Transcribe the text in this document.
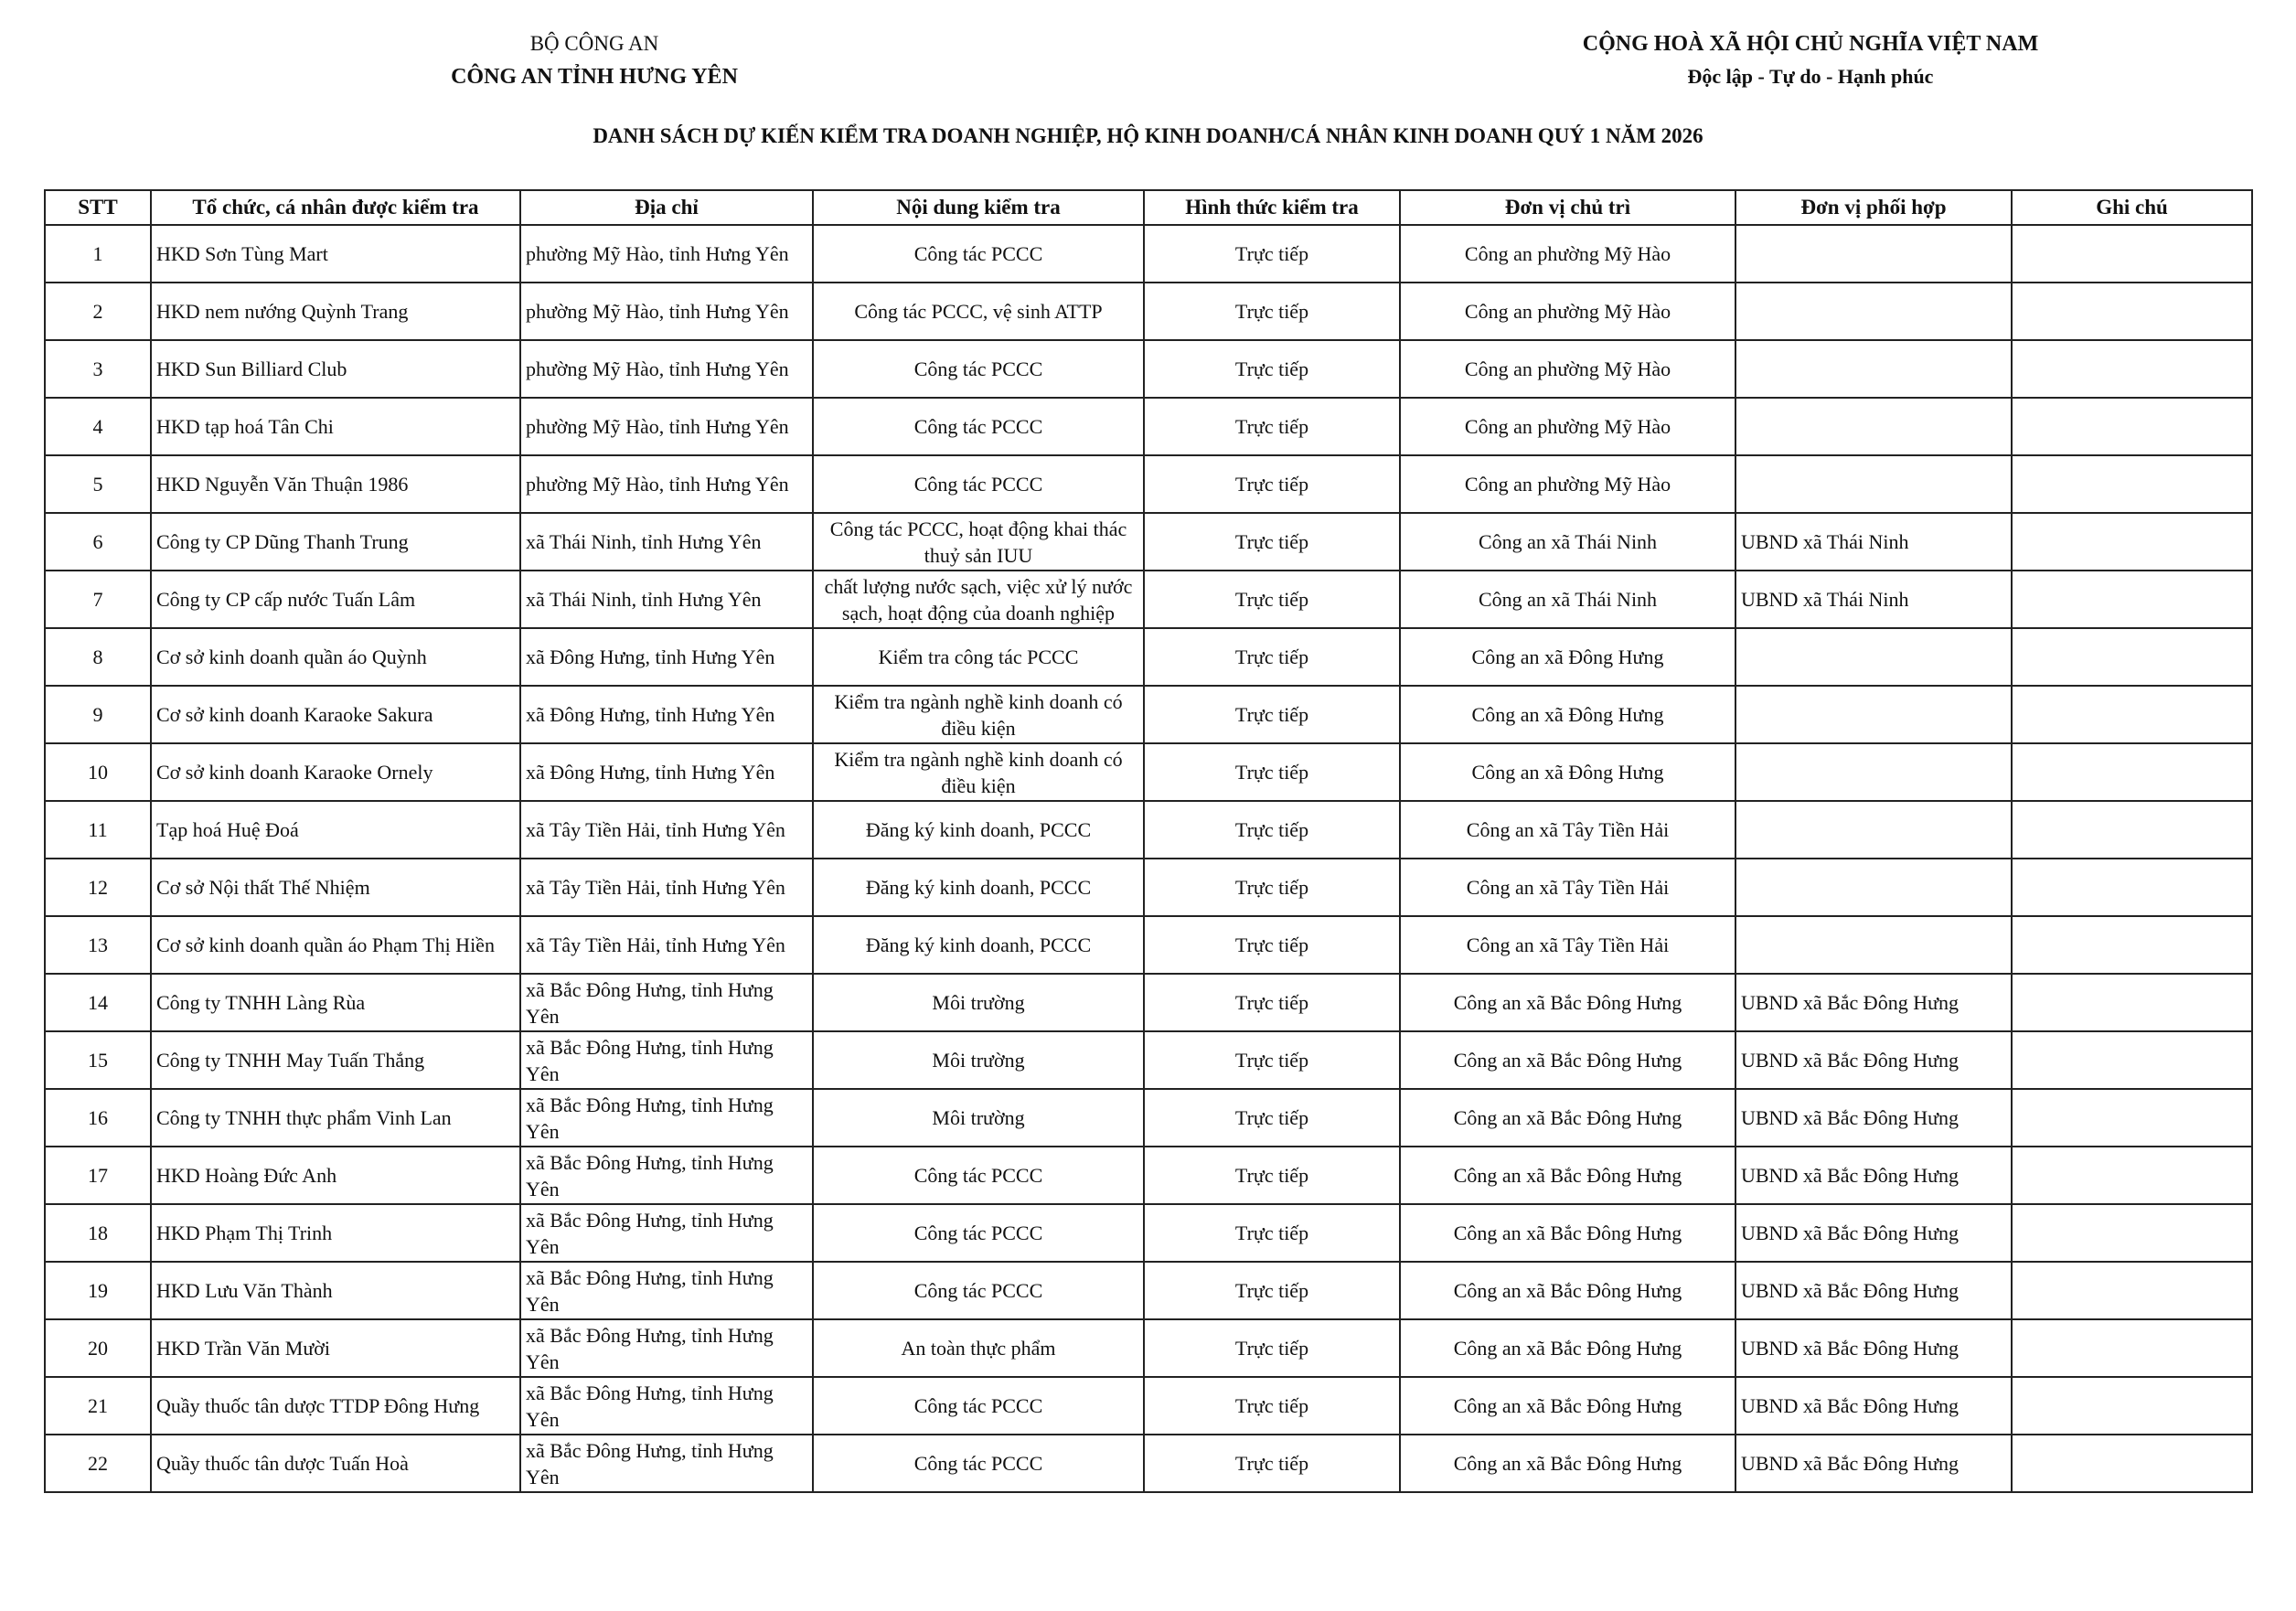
BỘ CÔNG AN
CÔNG AN TỈNH HƯNG YÊN
CỘNG HOÀ XÃ HỘI CHỦ NGHĨA VIỆT NAM
Độc lập - Tự do - Hạnh phúc
DANH SÁCH DỰ KIẾN KIỂM TRA DOANH NGHIỆP, HỘ KINH DOANH/CÁ NHÂN KINH DOANH QUÝ 1 NĂM 2026
STT	Tổ chức, cá nhân được kiểm tra	Địa chỉ	Nội dung kiểm tra	Hình thức kiểm tra	Đơn vị chủ trì	Đơn vị phối hợp	Ghi chú
1	HKD Sơn Tùng Mart	phường Mỹ Hào, tỉnh Hưng Yên	Công tác PCCC	Trực tiếp	Công an phường Mỹ Hào		
2	HKD nem nướng Quỳnh Trang	phường Mỹ Hào, tỉnh Hưng Yên	Công tác PCCC, vệ sinh ATTP	Trực tiếp	Công an phường Mỹ Hào		
3	HKD Sun Billiard Club	phường Mỹ Hào, tỉnh Hưng Yên	Công tác PCCC	Trực tiếp	Công an phường Mỹ Hào		
4	HKD tạp hoá Tân Chi	phường Mỹ Hào, tỉnh Hưng Yên	Công tác PCCC	Trực tiếp	Công an phường Mỹ Hào		
5	HKD Nguyễn Văn Thuận 1986	phường Mỹ Hào, tỉnh Hưng Yên	Công tác PCCC	Trực tiếp	Công an phường Mỹ Hào		
6	Công ty CP Dũng Thanh Trung	xã Thái Ninh, tỉnh Hưng Yên	Công tác PCCC, hoạt động khai thác thuỷ sản IUU	Trực tiếp	Công an xã Thái Ninh	UBND xã Thái Ninh	
7	Công ty CP cấp nước Tuấn Lâm	xã Thái Ninh, tỉnh Hưng Yên	chất lượng nước sạch, việc xử lý nước sạch, hoạt động của doanh nghiệp	Trực tiếp	Công an xã Thái Ninh	UBND xã Thái Ninh	
8	Cơ sở kinh doanh quần áo Quỳnh	xã Đông Hưng, tỉnh Hưng Yên	Kiểm tra công tác PCCC	Trực tiếp	Công an xã Đông Hưng		
9	Cơ sở kinh doanh Karaoke Sakura	xã Đông Hưng, tỉnh Hưng Yên	Kiểm tra ngành nghề kinh doanh có điều kiện	Trực tiếp	Công an xã Đông Hưng		
10	Cơ sở kinh doanh Karaoke Ornely	xã Đông Hưng, tỉnh Hưng Yên	Kiểm tra ngành nghề kinh doanh có điều kiện	Trực tiếp	Công an xã Đông Hưng		
11	Tạp hoá Huệ Đoá	xã Tây Tiền Hải, tỉnh Hưng Yên	Đăng ký kinh doanh, PCCC	Trực tiếp	Công an xã Tây Tiền Hải		
12	Cơ sở Nội thất Thế Nhiệm	xã Tây Tiền Hải, tỉnh Hưng Yên	Đăng ký kinh doanh, PCCC	Trực tiếp	Công an xã Tây Tiền Hải		
13	Cơ sở kinh doanh quần áo Phạm Thị Hiền	xã Tây Tiền Hải, tỉnh Hưng Yên	Đăng ký kinh doanh, PCCC	Trực tiếp	Công an xã Tây Tiền Hải		
14	Công ty TNHH Làng Rùa	xã Bắc Đông Hưng, tỉnh Hưng Yên	Môi trường	Trực tiếp	Công an xã Bắc Đông Hưng	UBND xã Bắc Đông Hưng	
15	Công ty TNHH May Tuấn Thắng	xã Bắc Đông Hưng, tỉnh Hưng Yên	Môi trường	Trực tiếp	Công an xã Bắc Đông Hưng	UBND xã Bắc Đông Hưng	
16	Công ty TNHH thực phẩm Vinh Lan	xã Bắc Đông Hưng, tỉnh Hưng Yên	Môi trường	Trực tiếp	Công an xã Bắc Đông Hưng	UBND xã Bắc Đông Hưng	
17	HKD Hoàng Đức Anh	xã Bắc Đông Hưng, tỉnh Hưng Yên	Công tác PCCC	Trực tiếp	Công an xã Bắc Đông Hưng	UBND xã Bắc Đông Hưng	
18	HKD Phạm Thị Trinh	xã Bắc Đông Hưng, tỉnh Hưng Yên	Công tác PCCC	Trực tiếp	Công an xã Bắc Đông Hưng	UBND xã Bắc Đông Hưng	
19	HKD Lưu Văn Thành	xã Bắc Đông Hưng, tỉnh Hưng Yên	Công tác PCCC	Trực tiếp	Công an xã Bắc Đông Hưng	UBND xã Bắc Đông Hưng	
20	HKD Trần Văn Mười	xã Bắc Đông Hưng, tỉnh Hưng Yên	An toàn thực phẩm	Trực tiếp	Công an xã Bắc Đông Hưng	UBND xã Bắc Đông Hưng	
21	Quầy thuốc tân dược TTDP Đông Hưng	xã Bắc Đông Hưng, tỉnh Hưng Yên	Công tác PCCC	Trực tiếp	Công an xã Bắc Đông Hưng	UBND xã Bắc Đông Hưng	
22	Quầy thuốc tân dược Tuấn Hoà	xã Bắc Đông Hưng, tỉnh Hưng Yên	Công tác PCCC	Trực tiếp	Công an xã Bắc Đông Hưng	UBND xã Bắc Đông Hưng	
